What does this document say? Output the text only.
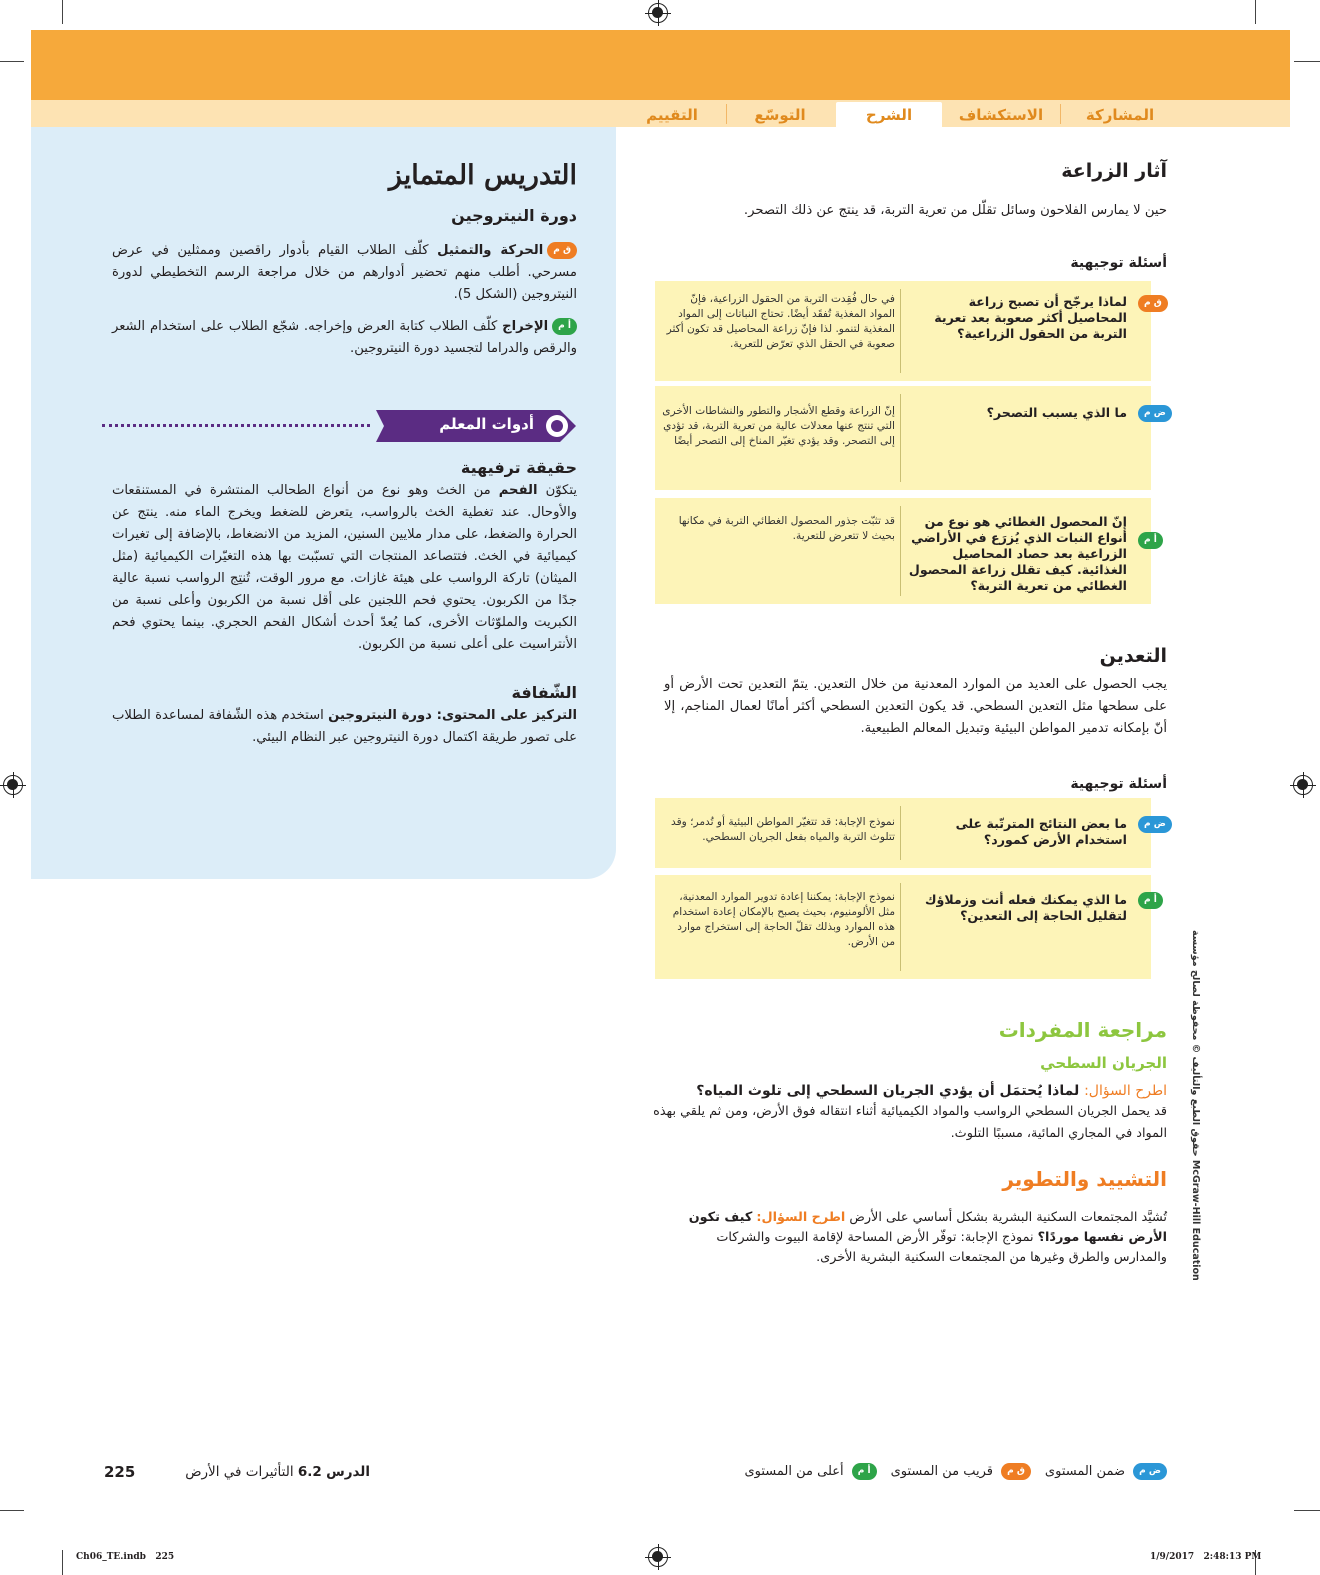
المشاركة
الاستكشاف
الشرح
التوسّع
التقييم
التدريس المتمايز
دورة النيتروجين
ق مالحركة والتمثيل كلّف الطلاب القيام بأدوار راقصين وممثلين في عرض مسرحي. أطلب منهم تحضير أدوارهم من خلال مراجعة الرسم التخطيطي لدورة النيتروجين (الشكل 5).
أ مالإخراج كلّف الطلاب كتابة العرض وإخراجه. شجّع الطلاب على استخدام الشعر والرقص والدراما لتجسيد دورة النيتروجين.
أدوات المعلم
حقيقة ترفيهية
يتكوّن الفحم من الخث وهو نوع من أنواع الطحالب المنتشرة في المستنقعات والأوحال. عند تغطية الخث بالرواسب، يتعرض للضغط ويخرج الماء منه. ينتج عن الحرارة والضغط، على مدار ملايين السنين، المزيد من الانضغاط، بالإضافة إلى تغيرات كيميائية في الخث. فتتصاعد المنتجات التي تسبّبت بها هذه التغيّرات الكيميائية (مثل الميثان) تاركة الرواسب على هيئة غازات. مع مرور الوقت، تُنتِج الرواسب نسبة عالية جدًا من الكربون. يحتوي فحم اللجنين على أقل نسبة من الكربون وأعلى نسبة من الكبريت والملوّثات الأخرى، كما يُعدّ أحدث أشكال الفحم الحجري. بينما يحتوي فحم الأنتراسيت على أعلى نسبة من الكربون.
الشّفافة
التركيز على المحتوى: دورة النيتروجين استخدم هذه الشّفافة لمساعدة الطلاب على تصور طريقة اكتمال دورة النيتروجين عبر النظام البيئي.
آثار الزراعة
حين لا يمارس الفلاحون وسائل تقلّل من تعرية التربة، قد ينتج عن ذلك التصحر.
أسئلة توجيهية
ق م
لماذا يرجّح أن تصبح زراعة المحاصيل أكثر صعوبة بعد تعرية التربة من الحقول الزراعية؟
في حال فُقِدت التربة من الحقول الزراعية، فإنّ المواد المغذية تُفقَد أيضًا. تحتاج النباتات إلى المواد المغذية لتنمو. لذا فإنّ زراعة المحاصيل قد تكون أكثر صعوبة في الحقل الذي تعرّض للتعرية.
ض م
ما الذي يسبب التصحر؟
إنّ الزراعة وقطع الأشجار والتطور والنشاطات الأخرى التي تنتج عنها معدلات عالية من تعرية التربة، قد تؤدي إلى التصحر. وقد يؤدي تغيّر المناخ إلى التصحر أيضًا
أ م
إنّ المحصول الغطائي هو نوع من أنواع النبات الذي يُزرَع في الأراضي الزراعية بعد حصاد المحاصيل الغذائية. كيف تقلل زراعة المحصول الغطائي من تعرية التربة؟
قد تثبّت جذور المحصول الغطائي التربة في مكانها بحيث لا تتعرض للتعرية.
التعدين
يجب الحصول على العديد من الموارد المعدنية من خلال التعدين. يتمّ التعدين تحت الأرض أو على سطحها مثل التعدين السطحي. قد يكون التعدين السطحي أكثر أمانًا لعمال المناجم، إلا أنّ بإمكانه تدمير المواطن البيئية وتبديل المعالم الطبيعية.
أسئلة توجيهية
ض م
ما بعض النتائج المترتّبة على استخدام الأرض كمورد؟
نموذج الإجابة: قد تتغيّر المواطن البيئية أو تُدمر؛ وقد تتلوث التربة والمياه بفعل الجريان السطحي.
أ م
ما الذي يمكنك فعله أنت وزملاؤك لتقليل الحاجة إلى التعدين؟
نموذج الإجابة: يمكننا إعادة تدوير الموارد المعدنية، مثل الألومنيوم، بحيث يصبح بالإمكان إعادة استخدام هذه الموارد وبذلك تقلّ الحاجة إلى استخراج موارد من الأرض.
مراجعة المفردات
الجريان السطحي
اطرح السؤال: لماذا يُحتمَل أن يؤدي الجريان السطحي إلى تلوث المياه؟
قد يحمل الجريان السطحي الرواسب والمواد الكيميائية أثناء انتقاله فوق الأرض، ومن ثم يلقي بهذه المواد في المجاري المائية، مسببًا التلوث.
التشييد والتطوير
تُشيَّد المجتمعات السكنية البشرية بشكل أساسي على الأرض اطرح السؤال: كيف تكون الأرض نفسها موردًا؟ نموذج الإجابة: توفّر الأرض المساحة لإقامة البيوت والشركات والمدارس والطرق وغيرها من المجتمعات السكنية البشرية الأخرى.
حقوق الطبع والتأليف © محفوظة لصالح مؤسسة McGraw-Hill Education
ض م ضمن المستوى
ق م قريب من المستوى
أ م أعلى من المستوى
الدرس 6.2 التأثيرات في الأرض
225
Ch06_TE.indb   225	1/9/2017   2:48:13 PM
